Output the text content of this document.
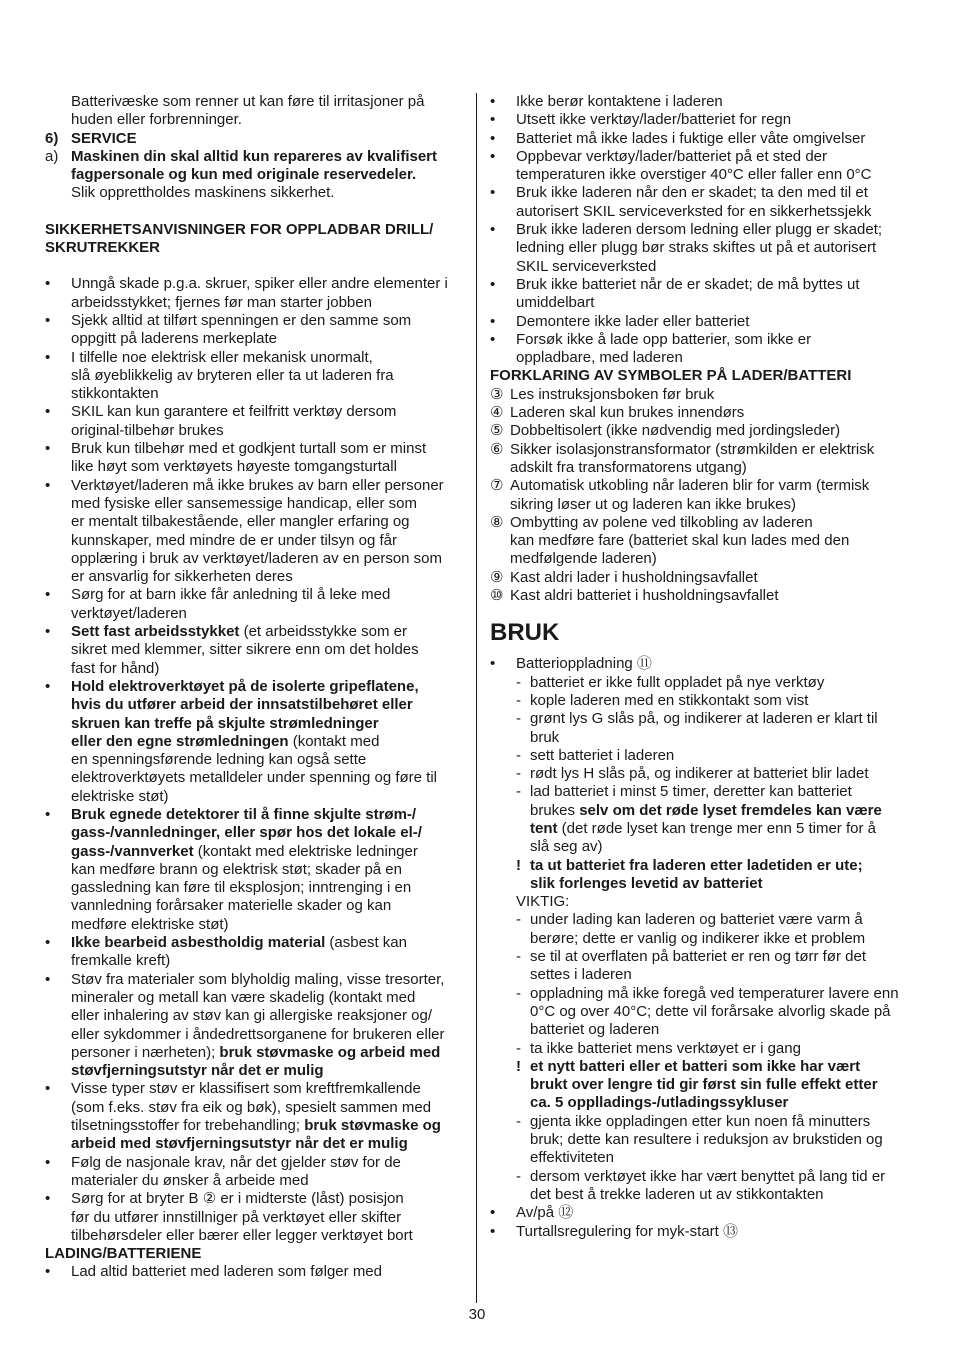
Batterivæske som renner ut kan føre til irritasjoner på

huden eller forbrenninger.

6) SERVICE
a) Maskinen din skal alltid kun repareres av kvalifisert

fagpersonale og kun med originale reservedeler.

Slik opprettholdes maskinens sikkerhet.

SIKKERHETSANVISNINGER FOR OPPLADBAR DRILL/

SKRUTREKKER

• Unngå skade p.g.a. skruer, spiker eller andre elementer i

arbeidsstykket; fjernes før man starter jobben

• Sjekk alltid at tilført spenningen er den samme som

oppgitt på laderens merkeplate

• I tilfelle noe elektrisk eller mekanisk unormalt,

slå øyeblikkelig av bryteren eller ta ut laderen fra

stikkontakten

• SKIL kan kun garantere et feilfritt verktøy dersom

original-tilbehør brukes

• Bruk kun tilbehør med et godkjent turtall som er minst

like høyt som verktøyets høyeste tomgangsturtall

• Verktøyet/laderen må ikke brukes av barn eller personer

med fysiske eller sansemessige handicap, eller som

er mentalt tilbakestående, eller mangler erfaring og

kunnskaper, med mindre de er under tilsyn og får

opplæring i bruk av verktøyet/laderen av en person som

er ansvarlig for sikkerheten deres

• Sørg for at barn ikke får anledning til å leke med

verktøyet/laderen

• Sett fast arbeidsstykket (et arbeidsstykke som er

sikret med klemmer, sitter sikrere enn om det holdes

fast for hånd)

• Hold elektroverktøyet på de isolerte gripeflatene,

hvis du utfører arbeid der innsatstilbehøret eller

skruen kan treffe på skjulte strømledninger

eller den egne strømledningen (kontakt med

en spenningsførende ledning kan også sette

elektroverktøyets metalldeler under spenning og føre til

elektriske støt)

• Bruk egnede detektorer til å finne skjulte strøm-/

gass-/vannledninger, eller spør hos det lokale el-/

gass-/vannverket (kontakt med elektriske ledninger

kan medføre brann og elektrisk støt; skader på en

gassledning kan føre til eksplosjon; inntrenging i en

vannledning forårsaker materielle skader og kan

medføre elektriske støt)

• Ikke bearbeid asbestholdig material (asbest kan

fremkalle kreft)

• Støv fra materialer som blyholdig maling, visse tresorter,

mineraler og metall kan være skadelig (kontakt med

eller inhalering av støv kan gi allergiske reaksjoner og/

eller sykdommer i åndedrettsorganene for brukeren eller

personer i nærheten); bruk støvmaske og arbeid med

støvfjerningsutstyr når det er mulig

• Visse typer støv er klassifisert som kreftfremkallende

(som f.eks. støv fra eik og bøk), spesielt sammen med

tilsetningsstoffer for trebehandling; bruk støvmaske og

arbeid med støvfjerningsutstyr når det er mulig

• Følg de nasjonale krav, når det gjelder støv for de

materialer du ønsker å arbeide med

• Sørg for at bryter B ② er i midterste (låst) posisjon

før du utfører innstillniger på verktøyet eller skifter

tilbehørsdeler eller bærer eller legger verktøyet bort

LADING/BATTERIENE

• Lad altid batteriet med laderen som følger med

• Ikke berør kontaktene i laderen

• Utsett ikke verktøy/lader/batteriet for regn

• Batteriet må ikke lades i fuktige eller våte omgivelser

• Oppbevar verktøy/lader/batteriet på et sted der

temperaturen ikke overstiger 40°C eller faller enn 0°C

• Bruk ikke laderen når den er skadet; ta den med til et

autorisert SKIL serviceverksted for en sikkerhetssjekk

• Bruk ikke laderen dersom ledning eller plugg er skadet;

ledning eller plugg bør straks skiftes ut på et autorisert

SKIL serviceverksted

• Bruk ikke batteriet når de er skadet; de må byttes ut

umiddelbart

• Demontere ikke lader eller batteriet

• Forsøk ikke å lade opp batterier, som ikke er

oppladbare, med laderen

FORKLARING AV SYMBOLER PÅ LADER/BATTERI

③ Les instruksjonsboken før bruk

④ Laderen skal kun brukes innendørs

⑤ Dobbeltisolert (ikke nødvendig med jordingsleder)

⑥ Sikker isolasjonstransformator (strømkilden er elektrisk

adskilt fra transformatorens utgang)

⑦ Automatisk utkobling når laderen blir for varm (termisk

sikring løser ut og laderen kan ikke brukes)

⑧ Ombytting av polene ved tilkobling av laderen

kan medføre fare (batteriet skal kun lades med den

medfølgende laderen)

⑨ Kast aldri lader i husholdningsavfallet

⑩ Kast aldri batteriet i husholdningsavfallet

BRUK

• Batterioppladning ⑪

- batteriet er ikke fullt oppladet på nye verktøy

- kople laderen med en stikkontakt som vist

- grønt lys G slås på, og indikerer at laderen er klart til

bruk

- sett batteriet i laderen

- rødt lys H slås på, og indikerer at batteriet blir ladet

- lad batteriet i minst 5 timer, deretter kan batteriet

brukes selv om det røde lyset fremdeles kan være

tent (det røde lyset kan trenge mer enn 5 timer for å

slå seg av)

! ta ut batteriet fra laderen etter ladetiden er ute;

slik forlenges levetid av batteriet

VIKTIG:

- under lading kan laderen og batteriet være varm å

berøre; dette er vanlig og indikerer ikke et problem

- se til at overflaten på batteriet er ren og tørr før det

settes i laderen

- oppladning må ikke foregå ved temperaturer lavere enn

0°C og over 40°C; dette vil forårsake alvorlig skade på

batteriet og laderen

- ta ikke batteriet mens verktøyet er i gang

! et nytt batteri eller et batteri som ikke har vært

brukt over lengre tid gir først sin fulle effekt etter

ca. 5 opplladings-/utladingssykluser

- gjenta ikke oppladingen etter kun noen få minutters

bruk; dette kan resultere i reduksjon av brukstiden og

effektiviteten

- dersom verktøyet ikke har vært benyttet på lang tid er

det best å trekke laderen ut av stikkontakten

• Av/på ⑫

• Turtallsregulering for myk-start ⑬

30
